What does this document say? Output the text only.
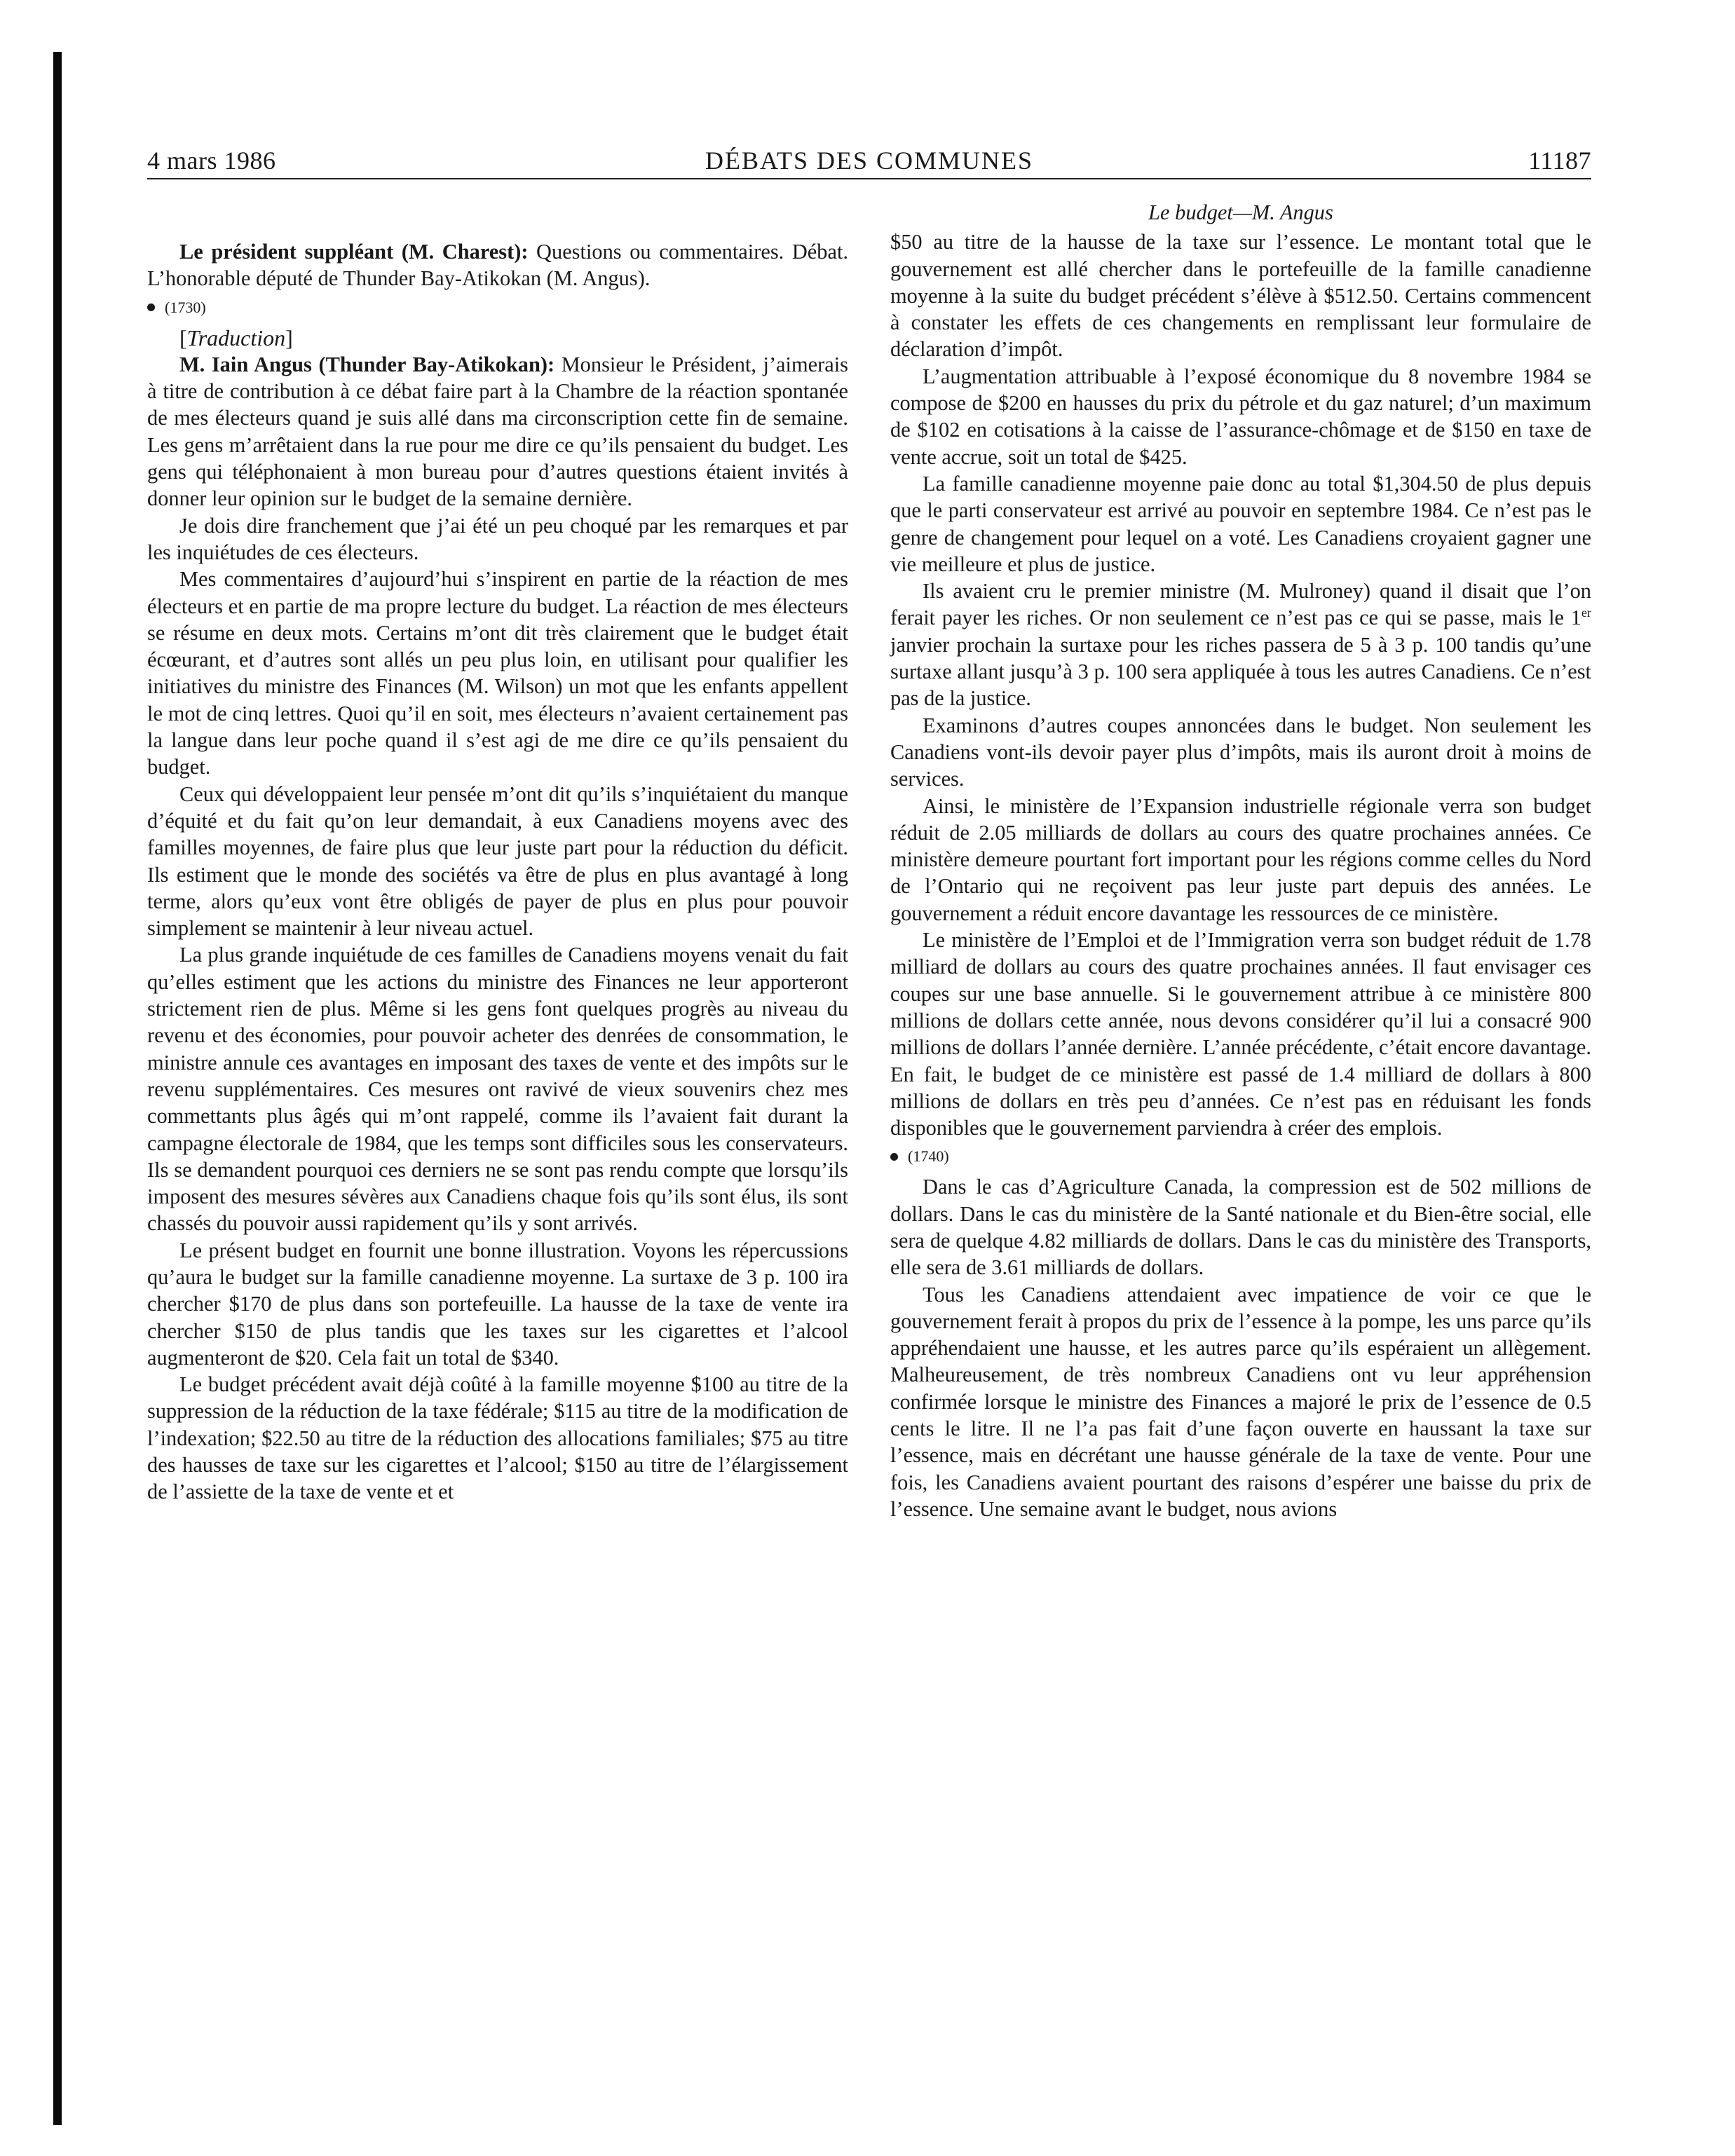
4 mars 1986	DÉBATS DES COMMUNES	11187

Le président suppléant (M. Charest): Questions ou commentaires. Débat. L’honorable député de Thunder Bay-Atikokan (M. Angus).

(1730)

[Traduction]

M. Iain Angus (Thunder Bay-Atikokan): Monsieur le Président, j’aimerais à titre de contribution à ce débat faire part à la Chambre de la réaction spontanée de mes électeurs quand je suis allé dans ma circonscription cette fin de semaine. Les gens m’arrêtaient dans la rue pour me dire ce qu’ils pensaient du budget. Les gens qui téléphonaient à mon bureau pour d’autres questions étaient invités à donner leur opinion sur le budget de la semaine dernière.

Je dois dire franchement que j’ai été un peu choqué par les remarques et par les inquiétudes de ces électeurs.

Mes commentaires d’aujourd’hui s’inspirent en partie de la réaction de mes électeurs et en partie de ma propre lecture du budget. La réaction de mes électeurs se résume en deux mots. Certains m’ont dit très clairement que le budget était écœurant, et d’autres sont allés un peu plus loin, en utilisant pour qualifier les initiatives du ministre des Finances (M. Wilson) un mot que les enfants appellent le mot de cinq lettres. Quoi qu’il en soit, mes électeurs n’avaient certainement pas la langue dans leur poche quand il s’est agi de me dire ce qu’ils pensaient du budget.

Ceux qui développaient leur pensée m’ont dit qu’ils s’inquiétaient du manque d’équité et du fait qu’on leur demandait, à eux Canadiens moyens avec des familles moyennes, de faire plus que leur juste part pour la réduction du déficit. Ils estiment que le monde des sociétés va être de plus en plus avantagé à long terme, alors qu’eux vont être obligés de payer de plus en plus pour pouvoir simplement se maintenir à leur niveau actuel.

La plus grande inquiétude de ces familles de Canadiens moyens venait du fait qu’elles estiment que les actions du ministre des Finances ne leur apporteront strictement rien de plus. Même si les gens font quelques progrès au niveau du revenu et des économies, pour pouvoir acheter des denrées de consommation, le ministre annule ces avantages en imposant des taxes de vente et des impôts sur le revenu supplémentaires. Ces mesures ont ravivé de vieux souvenirs chez mes commettants plus âgés qui m’ont rappelé, comme ils l’avaient fait durant la campagne électorale de 1984, que les temps sont difficiles sous les conservateurs. Ils se demandent pourquoi ces derniers ne se sont pas rendu compte que lorsqu’ils imposent des mesures sévères aux Canadiens chaque fois qu’ils sont élus, ils sont chassés du pouvoir aussi rapidement qu’ils y sont arrivés.

Le présent budget en fournit une bonne illustration. Voyons les répercussions qu’aura le budget sur la famille canadienne moyenne. La surtaxe de 3 p. 100 ira chercher $170 de plus dans son portefeuille. La hausse de la taxe de vente ira chercher $150 de plus tandis que les taxes sur les cigarettes et l’alcool augmenteront de $20. Cela fait un total de $340.

Le budget précédent avait déjà coûté à la famille moyenne $100 au titre de la suppression de la réduction de la taxe fédérale; $115 au titre de la modification de l’indexation; $22.50 au titre de la réduction des allocations familiales; $75 au titre des hausses de taxe sur les cigarettes et l’alcool; $150 au titre de l’élargissement de l’assiette de la taxe de vente et et

Le budget—M. Angus

$50 au titre de la hausse de la taxe sur l’essence. Le montant total que le gouvernement est allé chercher dans le portefeuille de la famille canadienne moyenne à la suite du budget précédent s’élève à $512.50. Certains commencent à constater les effets de ces changements en remplissant leur formulaire de déclaration d’impôt.

L’augmentation attribuable à l’exposé économique du 8 novembre 1984 se compose de $200 en hausses du prix du pétrole et du gaz naturel; d’un maximum de $102 en cotisations à la caisse de l’assurance-chômage et de $150 en taxe de vente accrue, soit un total de $425.

La famille canadienne moyenne paie donc au total $1,304.50 de plus depuis que le parti conservateur est arrivé au pouvoir en septembre 1984. Ce n’est pas le genre de changement pour lequel on a voté. Les Canadiens croyaient gagner une vie meilleure et plus de justice.

Ils avaient cru le premier ministre (M. Mulroney) quand il disait que l’on ferait payer les riches. Or non seulement ce n’est pas ce qui se passe, mais le 1er janvier prochain la surtaxe pour les riches passera de 5 à 3 p. 100 tandis qu’une surtaxe allant jusqu’à 3 p. 100 sera appliquée à tous les autres Canadiens. Ce n’est pas de la justice.

Examinons d’autres coupes annoncées dans le budget. Non seulement les Canadiens vont-ils devoir payer plus d’impôts, mais ils auront droit à moins de services.

Ainsi, le ministère de l’Expansion industrielle régionale verra son budget réduit de 2.05 milliards de dollars au cours des quatre prochaines années. Ce ministère demeure pourtant fort important pour les régions comme celles du Nord de l’Ontario qui ne reçoivent pas leur juste part depuis des années. Le gouvernement a réduit encore davantage les ressources de ce ministère.

Le ministère de l’Emploi et de l’Immigration verra son budget réduit de 1.78 milliard de dollars au cours des quatre prochaines années. Il faut envisager ces coupes sur une base annuelle. Si le gouvernement attribue à ce ministère 800 millions de dollars cette année, nous devons considérer qu’il lui a consacré 900 millions de dollars l’année dernière. L’année précédente, c’était encore davantage. En fait, le budget de ce ministère est passé de 1.4 milliard de dollars à 800 millions de dollars en très peu d’années. Ce n’est pas en réduisant les fonds disponibles que le gouvernement parviendra à créer des emplois.

(1740)

Dans le cas d’Agriculture Canada, la compression est de 502 millions de dollars. Dans le cas du ministère de la Santé nationale et du Bien-être social, elle sera de quelque 4.82 milliards de dollars. Dans le cas du ministère des Transports, elle sera de 3.61 milliards de dollars.

Tous les Canadiens attendaient avec impatience de voir ce que le gouvernement ferait à propos du prix de l’essence à la pompe, les uns parce qu’ils appréhendaient une hausse, et les autres parce qu’ils espéraient un allègement. Malheureusement, de très nombreux Canadiens ont vu leur appréhension confirmée lorsque le ministre des Finances a majoré le prix de l’essence de 0.5 cents le litre. Il ne l’a pas fait d’une façon ouverte en haussant la taxe sur l’essence, mais en décrétant une hausse générale de la taxe de vente. Pour une fois, les Canadiens avaient pourtant des raisons d’espérer une baisse du prix de l’essence. Une semaine avant le budget, nous avions
